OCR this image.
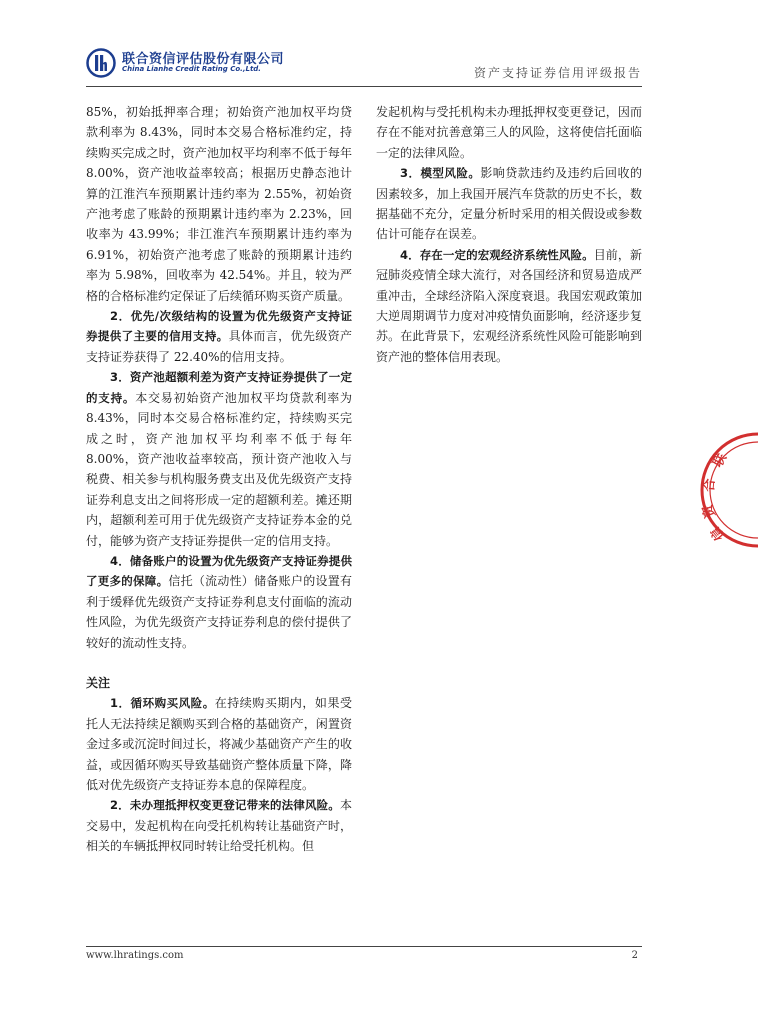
联合资信评估股份有限公司
China Lianhe Credit Rating Co.,Ltd.	资产支持证券信用评级报告

85%，初始抵押率合理；初始资产池加权平均贷款利率为 8.43%，同时本交易合格标准约定，持续购买完成之时，资产池加权平均利率不低于每年 8.00%，资产池收益率较高；根据历史静态池计算的江淮汽车预期累计违约率为 2.55%，初始资产池考虑了账龄的预期累计违约率为 2.23%，回收率为 43.99%；非江淮汽车预期累计违约率为 6.91%，初始资产池考虑了账龄的预期累计违约率为 5.98%，回收率为 42.54%。并且，较为严格的合格标准约定保证了后续循环购买资产质量。

2．优先/次级结构的设置为优先级资产支持证券提供了主要的信用支持。具体而言，优先级资产支持证券获得了 22.40%的信用支持。

3．资产池超额利差为资产支持证券提供了一定的支持。本交易初始资产池加权平均贷款利率为 8.43%，同时本交易合格标准约定，持续购买完成之时，资产池加权平均利率不低于每年 8.00%，资产池收益率较高，预计资产池收入与税费、相关参与机构服务费支出及优先级资产支持证券利息支出之间将形成一定的超额利差。摊还期内，超额利差可用于优先级资产支持证券本金的兑付，能够为资产支持证券提供一定的信用支持。

4．储备账户的设置为优先级资产支持证券提供了更多的保障。信托（流动性）储备账户的设置有利于缓释优先级资产支持证券利息支付面临的流动性风险，为优先级资产支持证券利息的偿付提供了较好的流动性支持。

关注

1．循环购买风险。在持续购买期内，如果受托人无法持续足额购买到合格的基础资产，闲置资金过多或沉淀时间过长，将减少基础资产产生的收益，或因循环购买导致基础资产整体质量下降，降低对优先级资产支持证券本息的保障程度。

2．未办理抵押权变更登记带来的法律风险。本交易中，发起机构在向受托机构转让基础资产时，相关的车辆抵押权同时转让给受托机构。但

发起机构与受托机构未办理抵押权变更登记，因而存在不能对抗善意第三人的风险，这将使信托面临一定的法律风险。

3．模型风险。影响贷款违约及违约后回收的因素较多，加上我国开展汽车贷款的历史不长，数据基础不充分，定量分析时采用的相关假设或参数估计可能存在误差。

4．存在一定的宏观经济系统性风险。目前，新冠肺炎疫情全球大流行，对各国经济和贸易造成严重冲击，全球经济陷入深度衰退。我国宏观政策加大逆周期调节力度对冲疫情负面影响，经济逐步复苏。在此背景下，宏观经济系统性风险可能影响到资产池的整体信用表现。

联
合
资
信
www.lhratings.com	2
